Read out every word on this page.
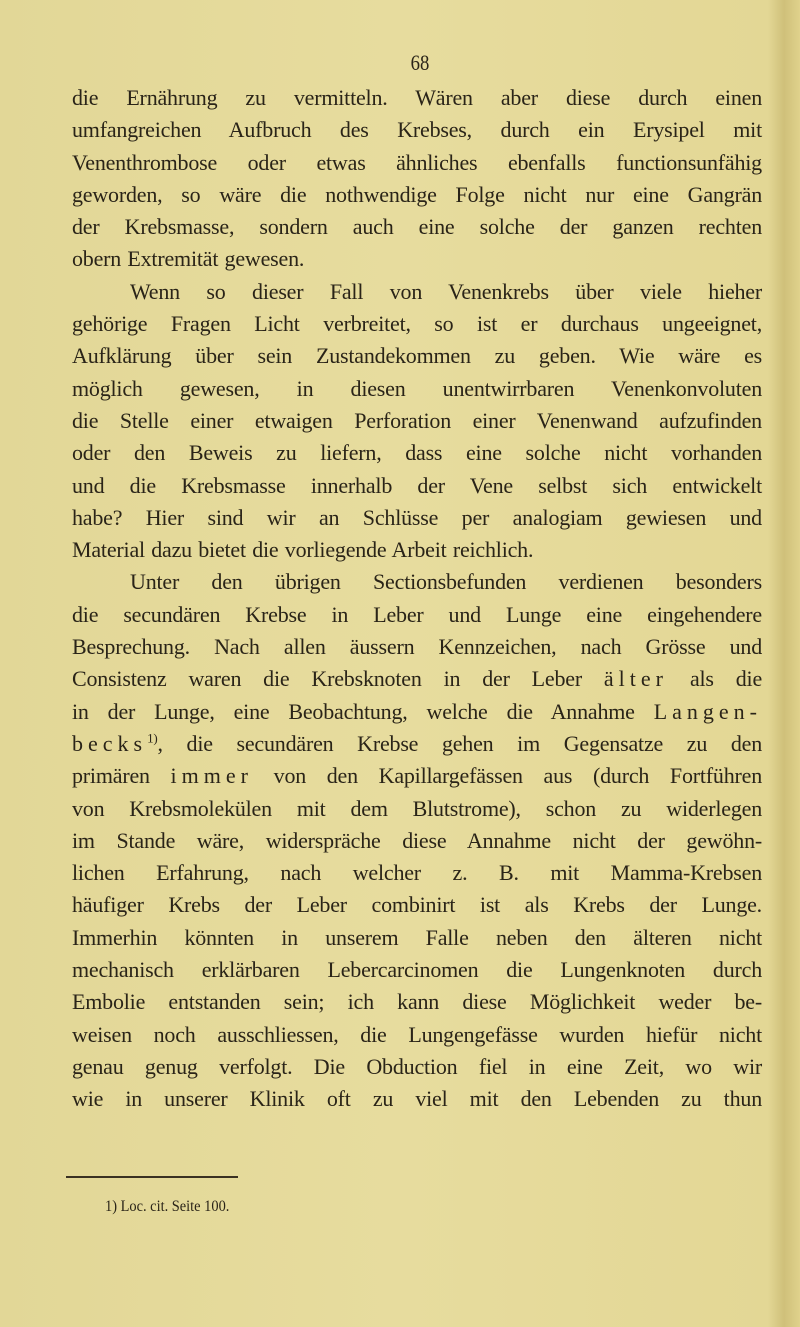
68
die Ernährung zu vermitteln. Wären aber diese durch einen
umfangreichen Aufbruch des Krebses, durch ein Erysipel mit
Venenthrombose oder etwas ähnliches ebenfalls functionsunfähig
geworden, so wäre die nothwendige Folge nicht nur eine Gangrän
der Krebsmasse, sondern auch eine solche der ganzen rechten
obern Extremität gewesen.
Wenn so dieser Fall von Venenkrebs über viele hieher
gehörige Fragen Licht verbreitet, so ist er durchaus ungeeignet,
Aufklärung über sein Zustandekommen zu geben. Wie wäre es
möglich gewesen, in diesen unentwirrbaren Venenkonvoluten
die Stelle einer etwaigen Perforation einer Venenwand aufzufinden
oder den Beweis zu liefern, dass eine solche nicht vorhanden
und die Krebsmasse innerhalb der Vene selbst sich entwickelt
habe? Hier sind wir an Schlüsse per analogiam gewiesen und
Material dazu bietet die vorliegende Arbeit reichlich.
Unter den übrigen Sectionsbefunden verdienen besonders
die secundären Krebse in Leber und Lunge eine eingehendere
Besprechung. Nach allen äussern Kennzeichen, nach Grösse und
Consistenz waren die Krebsknoten in der Leber älter als die
in der Lunge, eine Beobachtung, welche die Annahme Langen-
becks$^{1)}$, die secundären Krebse gehen im Gegensatze zu den
primären immer von den Kapillargefässen aus (durch Fortführen
von Krebsmolekülen mit dem Blutstrome), schon zu widerlegen
im Stande wäre, widerspräche diese Annahme nicht der gewöhn-
lichen Erfahrung, nach welcher z. B. mit Mamma-Krebsen
häufiger Krebs der Leber combinirt ist als Krebs der Lunge.
Immerhin könnten in unserem Falle neben den älteren nicht
mechanisch erklärbaren Lebercarcinomen die Lungenknoten durch
Embolie entstanden sein; ich kann diese Möglichkeit weder be-
weisen noch ausschliessen, die Lungengefässe wurden hiefür nicht
genau genug verfolgt. Die Obduction fiel in eine Zeit, wo wir
wie in unserer Klinik oft zu viel mit den Lebenden zu thun
1) Loc. cit. Seite 100.
